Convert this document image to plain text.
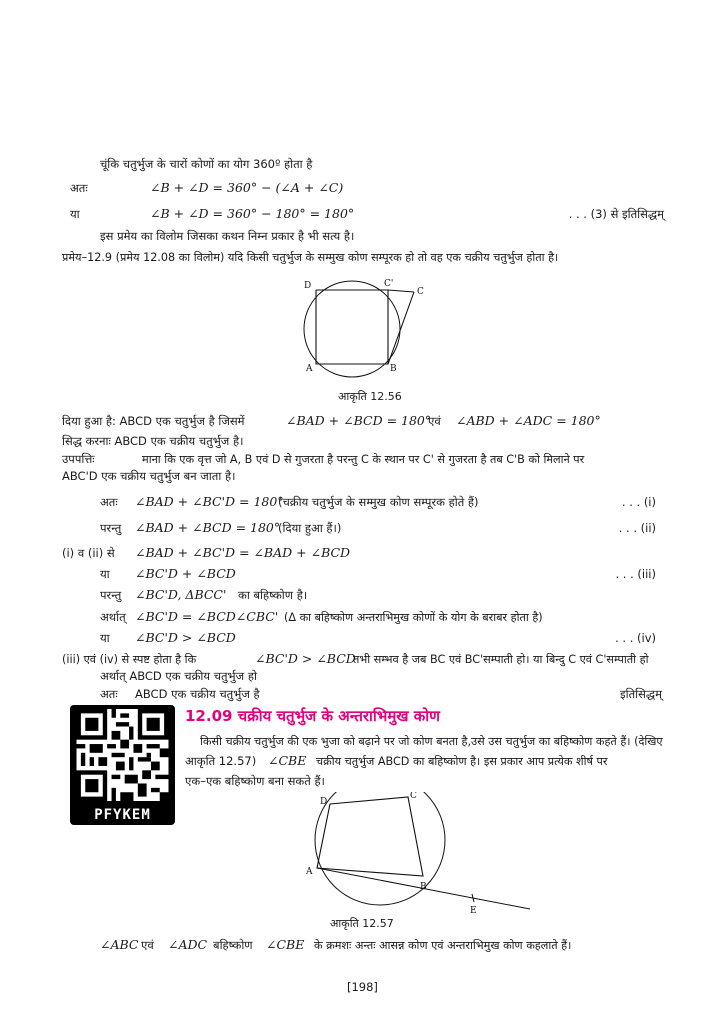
चूंकि चतुर्भुज के चारों कोणों का योग 360º होता है
अतः	∠B + ∠D = 360° − (∠A + ∠C)
या	∠B + ∠D = 360° − 180° = 180°	. . . (3) से इतिसिद्धम्
इस प्रमेय का विलोम जिसका कथन निम्न प्रकार है भी सत्य है।
प्रमेय–12.9 (प्रमेय 12.08 का विलोम) यदि किसी चतुर्भुज के सम्मुख कोण सम्पूरक हो तो वह एक चक्रीय चतुर्भुज होता है।
D	C'
C
A	B
आकृति 12.56
दिया हुआ है: ABCD एक चतुर्भुज है जिसमें	∠BAD + ∠BCD = 180°
एवं ∠ABD + ∠ADC = 180°
सिद्ध करनाः ABCD एक चक्रीय चतुर्भुज है।
उपपत्तिः	माना कि एक वृत्त जो A, B एवं D से गुजरता है परन्तु C के स्थान पर C' से गुजरता है तब C'B को मिलाने पर
ABC'D एक चक्रीय चतुर्भुज बन जाता है।
अतः ∠BAD + ∠BC'D = 180°
(चक्रीय चतुर्भुज के सम्मुख कोण सम्पूरक होते हैं)	. . . (i)
परन्तु ∠BAD + ∠BCD = 180°
(दिया हुआ हैं।)	. . . (ii)
(i) व (ii) से ∠BAD + ∠BC'D = ∠BAD + ∠BCD
या ∠BC'D + ∠BCD	. . . (iii)
परन्तु ∠BC'D, ΔBCC' का बहिष्कोण है।
अर्थात् ∠BC'D = ∠BCD∠CBC' (Δ का बहिष्कोण अन्तराभिमुख कोणों के योग के बराबर होता है)
या ∠BC'D > ∠BCD	. . . (iv)
(iii) एवं (iv) से स्पष्ट होता है कि	∠BC'D > ∠BCD
तभी सम्भव है जब BC एवं BC'सम्पाती हो। या बिन्दु C एवं C'सम्पाती हो
अर्थात् ABCD एक चक्रीय चतुर्भुज हो
अतः ABCD एक चक्रीय चतुर्भुज है	इतिसिद्धम्
PFYKEM
12.09 चक्रीय चतुर्भुज के अन्तराभिमुख कोण
किसी चक्रीय चतुर्भुज की एक भुजा को बढ़ाने पर जो कोण बनता है,उसे उस चतुर्भुज का बहिष्कोण कहते हैं। (देखिए
आकृति 12.57) ∠CBE चक्रीय चतुर्भुज ABCD का बहिष्कोण है। इस प्रकार आप प्रत्येक शीर्ष पर
एक–एक बहिष्कोण बना सकते हैं।
D
C
A
B
E
आकृति 12.57
∠ABC एवं ∠ADC बहिष्कोण ∠CBE के क्रमशः अन्तः आसन्न कोण एवं अन्तराभिमुख कोण कहलाते हैं।
[198]
